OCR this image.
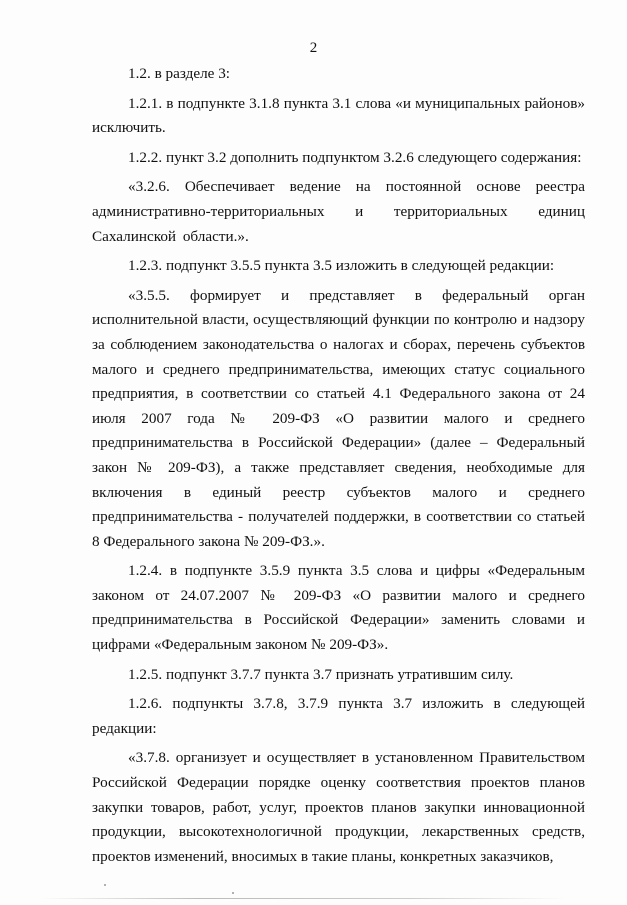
2

1.2. в разделе 3:

1.2.1. в подпункте 3.1.8 пункта 3.1 слова «и муниципальных районов» исключить.

1.2.2. пункт 3.2 дополнить подпунктом 3.2.6 следующего содержания:

«3.2.6. Обеспечивает ведение на постоянной основе реестра административно-территориальных и территориальных единиц Сахалинской области.».

1.2.3. подпункт 3.5.5 пункта 3.5 изложить в следующей редакции:

«3.5.5. формирует и представляет в федеральный орган исполнительной власти, осуществляющий функции по контролю и надзору за соблюдением законодательства о налогах и сборах, перечень субъектов малого и среднего предпринимательства, имеющих статус социального предприятия, в соответствии со статьей 4.1 Федерального закона от 24 июля 2007 года № 209-ФЗ «О развитии малого и среднего предпринимательства в Российской Федерации» (далее – Федеральный закон № 209-ФЗ), а также представляет сведения, необходимые для включения в единый реестр субъектов малого и среднего предпринимательства - получателей поддержки, в соответствии со статьей 8 Федерального закона № 209-ФЗ.».

1.2.4. в подпункте 3.5.9 пункта 3.5 слова и цифры «Федеральным законом от 24.07.2007 № 209-ФЗ «О развитии малого и среднего предпринимательства в Российской Федерации» заменить словами и цифрами «Федеральным законом № 209-ФЗ».

1.2.5. подпункт 3.7.7 пункта 3.7 признать утратившим силу.

1.2.6. подпункты 3.7.8, 3.7.9 пункта 3.7 изложить в следующей редакции:

«3.7.8. организует и осуществляет в установленном Правительством Российской Федерации порядке оценку соответствия проектов планов закупки товаров, работ, услуг, проектов планов закупки инновационной продукции, высокотехнологичной продукции, лекарственных средств, проектов изменений, вносимых в такие планы, конкретных заказчиков,
